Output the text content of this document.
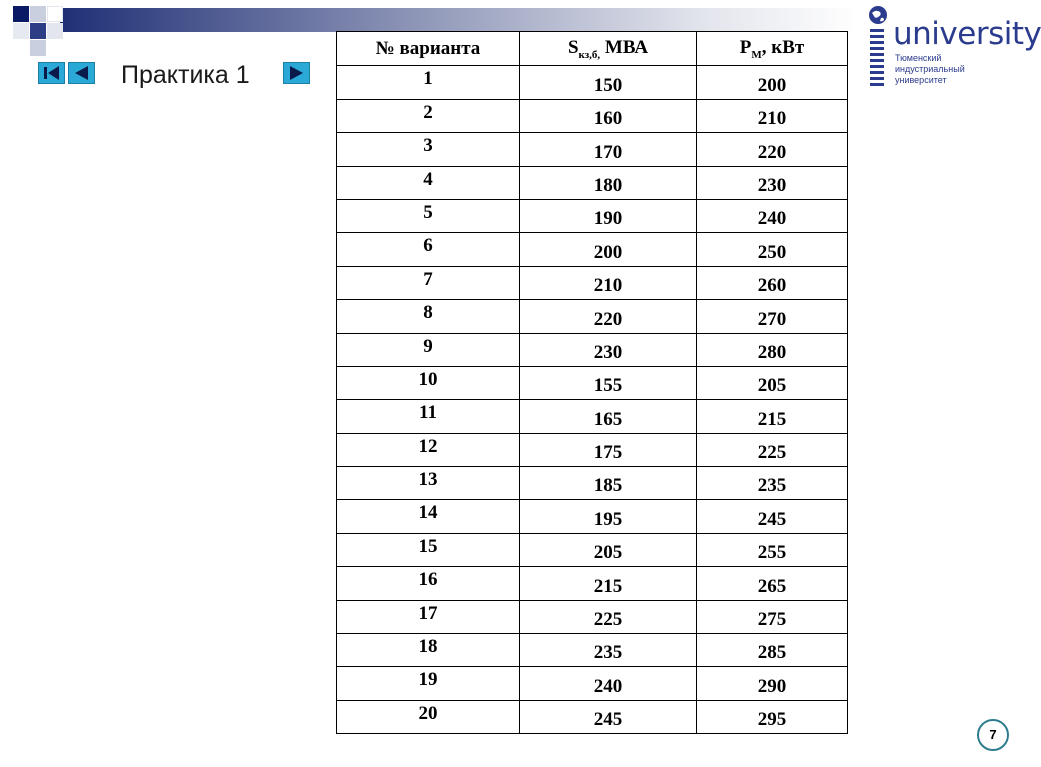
Практика 1
university
Тюменский
индустриальный
университет
№ варианта	$S_{кз,б,}$ МВА	$P_М$, кВт
1	150	200
2	160	210
3	170	220
4	180	230
5	190	240
6	200	250
7	210	260
8	220	270
9	230	280
10	155	205
11	165	215
12	175	225
13	185	235
14	195	245
15	205	255
16	215	265
17	225	275
18	235	285
19	240	290
20	245	295
7
